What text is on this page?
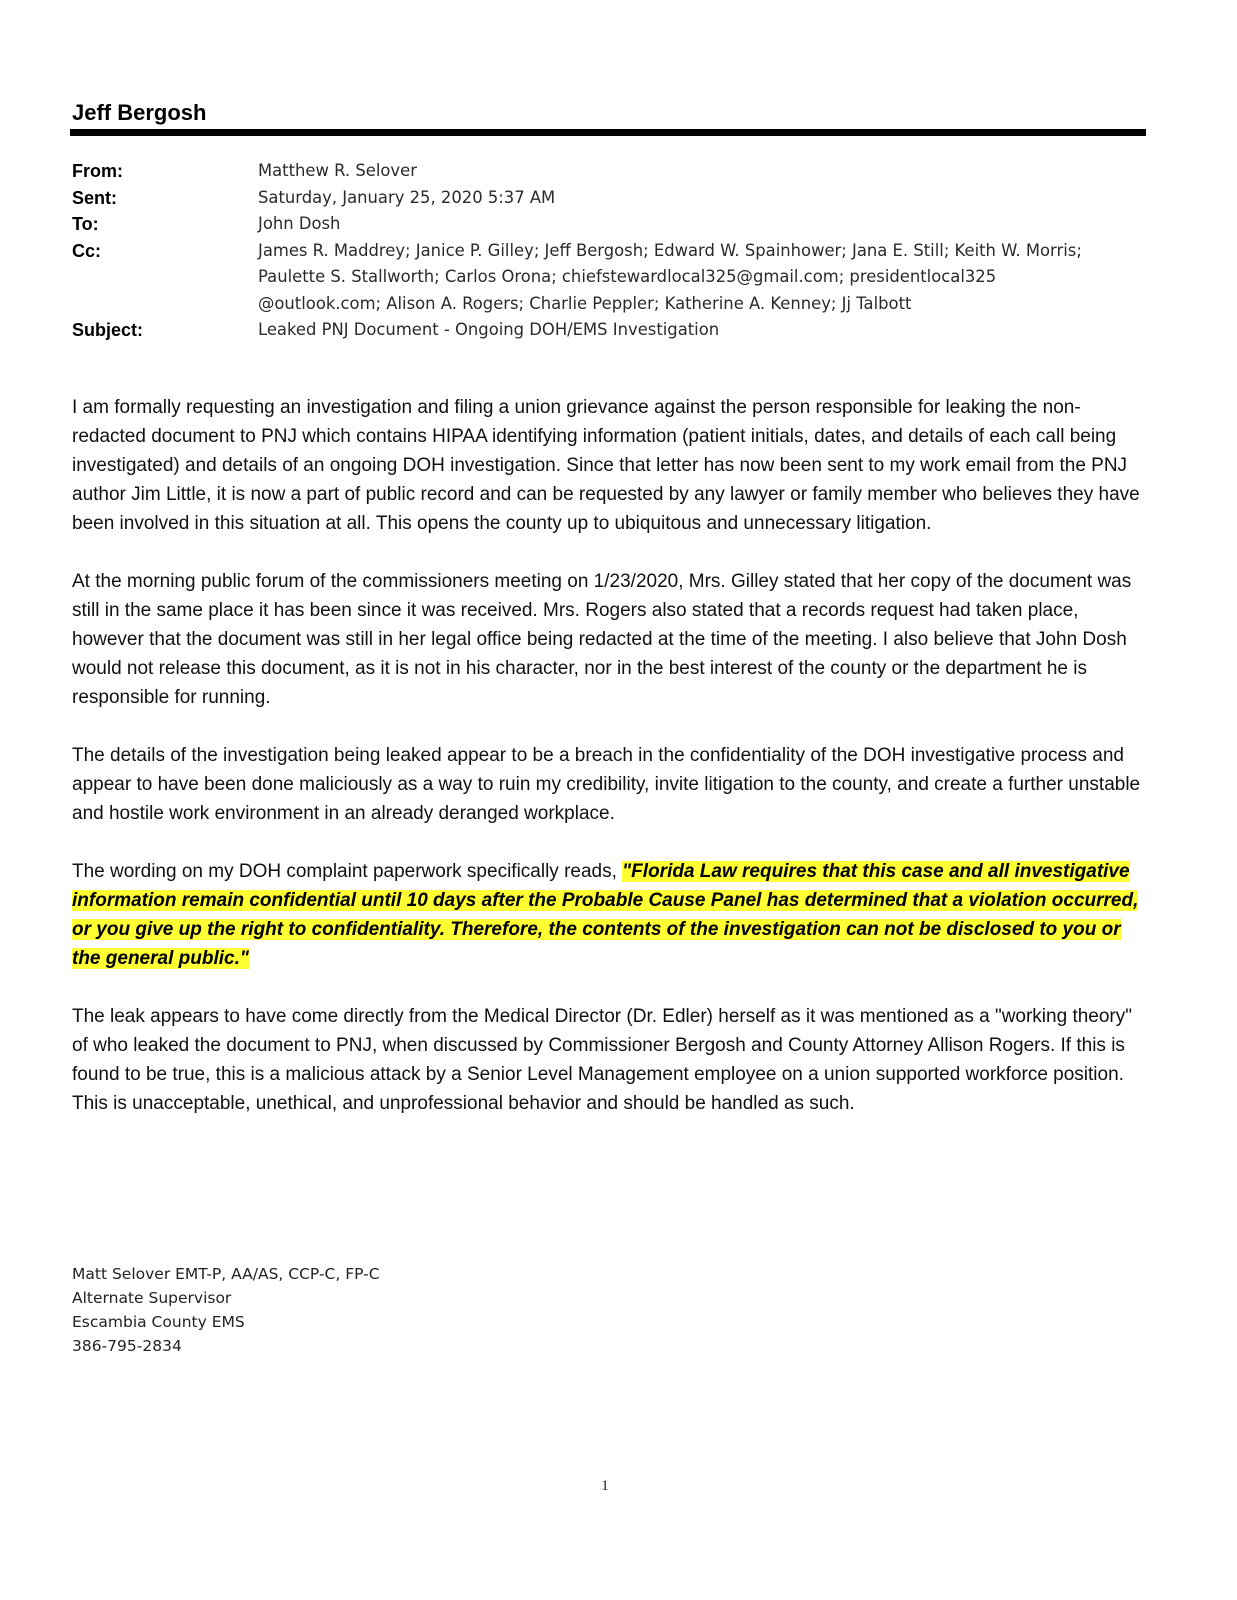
Jeff Bergosh
From:	Matthew R. Selover
Sent:	Saturday, January 25, 2020 5:37 AM
To:	John Dosh
Cc:	James R. Maddrey; Janice P. Gilley; Jeff Bergosh; Edward W. Spainhower; Jana E. Still; Keith W. Morris;
Paulette S. Stallworth; Carlos Orona; chiefstewardlocal325@gmail.com; presidentlocal325
@outlook.com; Alison A. Rogers; Charlie Peppler; Katherine A. Kenney; Jj Talbott
Subject:	Leaked PNJ Document - Ongoing DOH/EMS Investigation

I am formally requesting an investigation and filing a union grievance against the person responsible for leaking the non-redacted document to PNJ which contains HIPAA identifying information (patient initials, dates, and details of each call being investigated) and details of an ongoing DOH investigation. Since that letter has now been sent to my work email from the PNJ author Jim Little, it is now a part of public record and can be requested by any lawyer or family member who believes they have been involved in this situation at all. This opens the county up to ubiquitous and unnecessary litigation.

At the morning public forum of the commissioners meeting on 1/23/2020, Mrs. Gilley stated that her copy of the document was still in the same place it has been since it was received. Mrs. Rogers also stated that a records request had taken place, however that the document was still in her legal office being redacted at the time of the meeting. I also believe that John Dosh would not release this document, as it is not in his character, nor in the best interest of the county or the department he is responsible for running.

The details of the investigation being leaked appear to be a breach in the confidentiality of the DOH investigative process and appear to have been done maliciously as a way to ruin my credibility, invite litigation to the county, and create a further unstable and hostile work environment in an already deranged workplace.

The wording on my DOH complaint paperwork specifically reads, "Florida Law requires that this case and all investigative information remain confidential until 10 days after the Probable Cause Panel has determined that a violation occurred, or you give up the right to confidentiality. Therefore, the contents of the investigation can not be disclosed to you or the general public."

The leak appears to have come directly from the Medical Director (Dr. Edler) herself as it was mentioned as a "working theory" of who leaked the document to PNJ, when discussed by Commissioner Bergosh and County Attorney Allison Rogers. If this is found to be true, this is a malicious attack by a Senior Level Management employee on a union supported workforce position. This is unacceptable, unethical, and unprofessional behavior and should be handled as such.

Matt Selover EMT-P, AA/AS, CCP-C, FP-C
Alternate Supervisor
Escambia County EMS
386-795-2834
1
